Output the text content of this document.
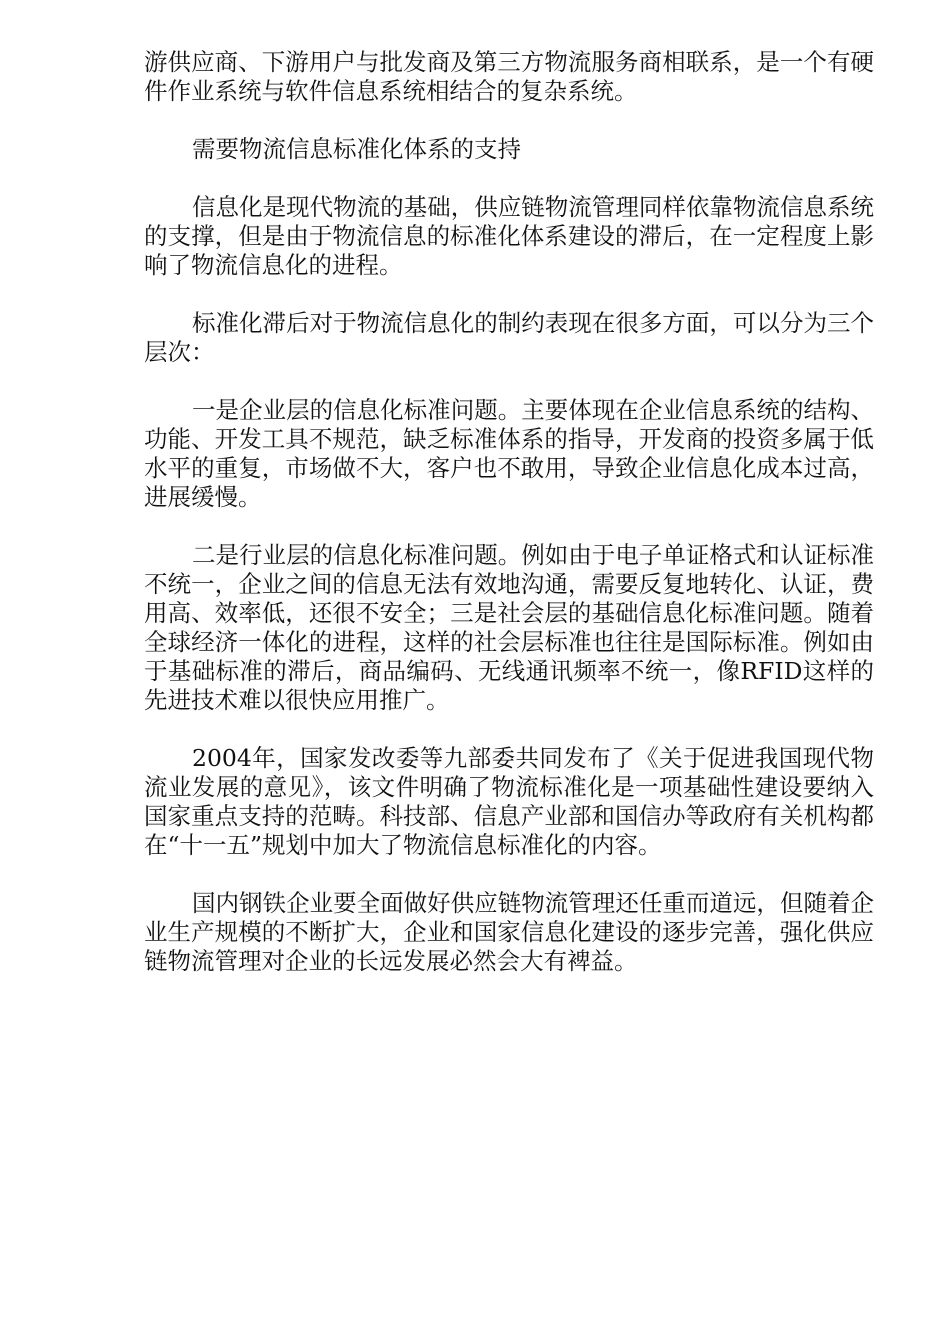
游供应商、下游用户与批发商及第三方物流服务商相联系，是一个有硬件作业系统与软件信息系统相结合的复杂系统。

需要物流信息标准化体系的支持

信息化是现代物流的基础，供应链物流管理同样依靠物流信息系统的支撑，但是由于物流信息的标准化体系建设的滞后，在一定程度上影响了物流信息化的进程。

标准化滞后对于物流信息化的制约表现在很多方面，可以分为三个层次：

一是企业层的信息化标准问题。主要体现在企业信息系统的结构、功能、开发工具不规范，缺乏标准体系的指导，开发商的投资多属于低水平的重复，市场做不大，客户也不敢用，导致企业信息化成本过高，进展缓慢。

二是行业层的信息化标准问题。例如由于电子单证格式和认证标准不统一，企业之间的信息无法有效地沟通，需要反复地转化、认证，费用高、效率低，还很不安全；三是社会层的基础信息化标准问题。随着全球经济一体化的进程，这样的社会层标准也往往是国际标准。例如由于基础标准的滞后，商品编码、无线通讯频率不统一，像RFID这样的先进技术难以很快应用推广。

2004年，国家发改委等九部委共同发布了《关于促进我国现代物流业发展的意见》，该文件明确了物流标准化是一项基础性建设要纳入国家重点支持的范畴。科技部、信息产业部和国信办等政府有关机构都在“十一五”规划中加大了物流信息标准化的内容。

国内钢铁企业要全面做好供应链物流管理还任重而道远，但随着企业生产规模的不断扩大，企业和国家信息化建设的逐步完善，强化供应链物流管理对企业的长远发展必然会大有裨益。
